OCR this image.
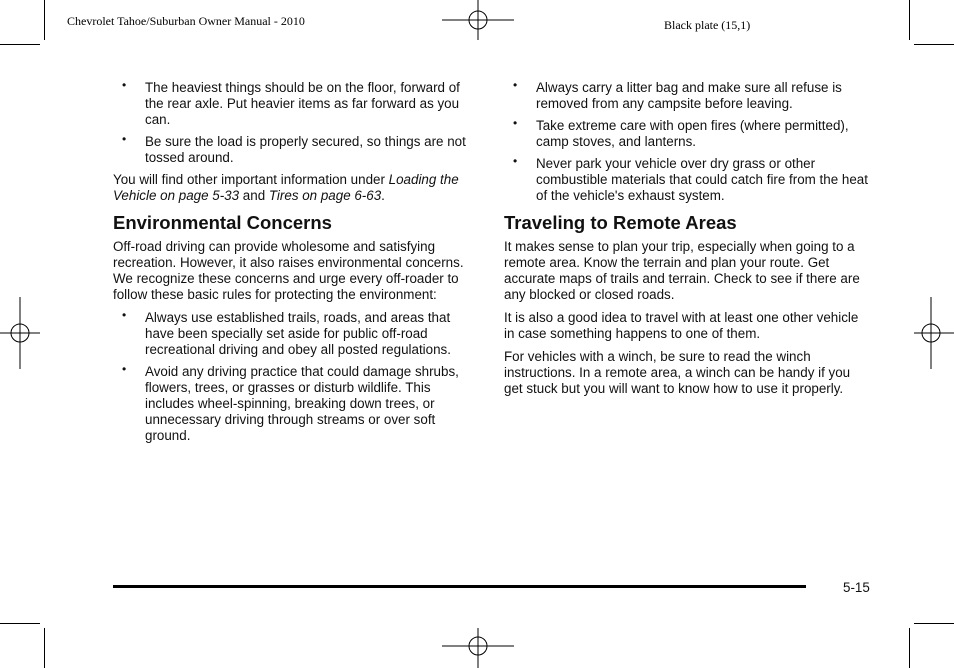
Chevrolet Tahoe/Suburban Owner Manual - 2010	Black plate (15,1)
• The heaviest things should be on the floor, forward of the rear axle. Put heavier items as far forward as you can.
• Be sure the load is properly secured, so things are not tossed around.

You will find other important information under Loading the Vehicle on page 5-33 and Tires on page 6-63.

Environmental Concerns

Off-road driving can provide wholesome and satisfying recreation. However, it also raises environmental concerns. We recognize these concerns and urge every off-roader to follow these basic rules for protecting the environment:

• Always use established trails, roads, and areas that have been specially set aside for public off-road recreational driving and obey all posted regulations.
• Avoid any driving practice that could damage shrubs, flowers, trees, or grasses or disturb wildlife. This includes wheel-spinning, breaking down trees, or unnecessary driving through streams or over soft ground.
• Always carry a litter bag and make sure all refuse is removed from any campsite before leaving.
• Take extreme care with open fires (where permitted), camp stoves, and lanterns.
• Never park your vehicle over dry grass or other combustible materials that could catch fire from the heat of the vehicle's exhaust system.
Traveling to Remote Areas

It makes sense to plan your trip, especially when going to a remote area. Know the terrain and plan your route. Get accurate maps of trails and terrain. Check to see if there are any blocked or closed roads.

It is also a good idea to travel with at least one other vehicle in case something happens to one of them.

For vehicles with a winch, be sure to read the winch instructions. In a remote area, a winch can be handy if you get stuck but you will want to know how to use it properly.

5-15
